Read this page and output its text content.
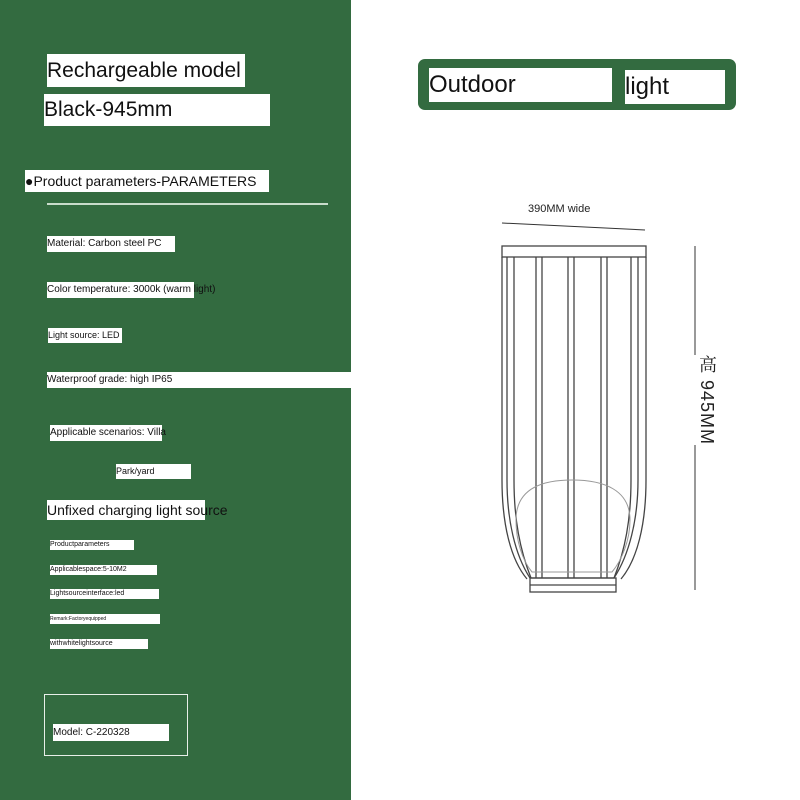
Rechargeable model
Black-945mm
●Product parameters-PARAMETERS
Material: Carbon steel PC
Color temperature: 3000k (warm light)
Light source: LED
Waterproof grade: high IP65
Applicable scenarios: Villa
Park/yard
Unfixed charging light source
Productparameters
Applicablespace:5-10M2
Lightsourceinterface:led
Remark:Factoryequipped
withwhitelightsource
Model: C-220328
Outdoor	light
390MM wide
高 945MM
